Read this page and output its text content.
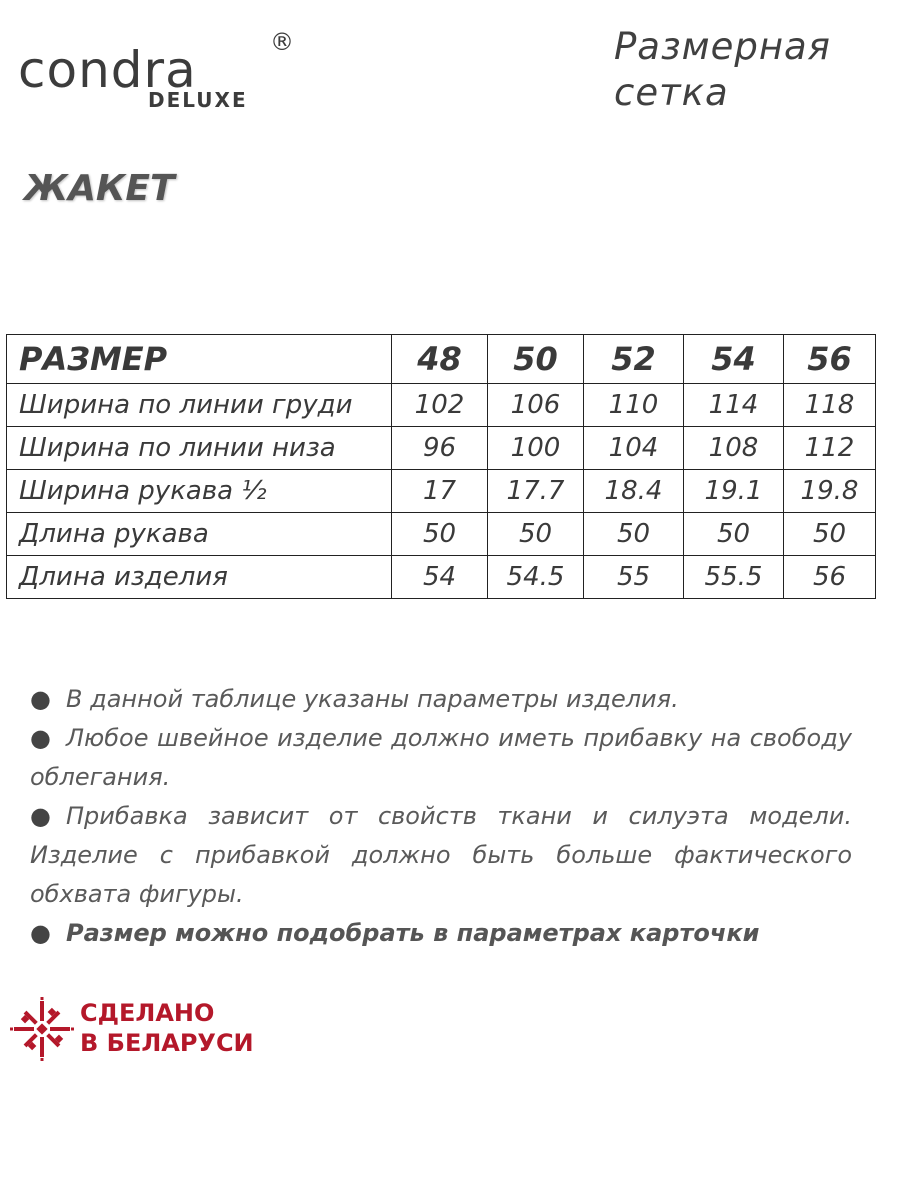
condra	®
DELUXE
Размерная сетка
ЖАКЕТ
РАЗМЕР	48	50	52	54	56
Ширина по линии груди	102	106	110	114	118
Ширина по линии низа	96	100	104	108	112
Ширина рукава ½	17	17.7	18.4	19.1	19.8
Длина рукава	50	50	50	50	50
Длина изделия	54	54.5	55	55.5	56

● В данной таблице указаны параметры изделия.

● Любое швейное изделие должно иметь прибавку на свободу облегания.

● Прибавка зависит от свойств ткани и силуэта модели. Изделие с прибавкой должно быть больше фактического обхвата фигуры.

● Размер можно подобрать в параметрах карточки

СДЕЛАНО
В БЕЛАРУСИ
